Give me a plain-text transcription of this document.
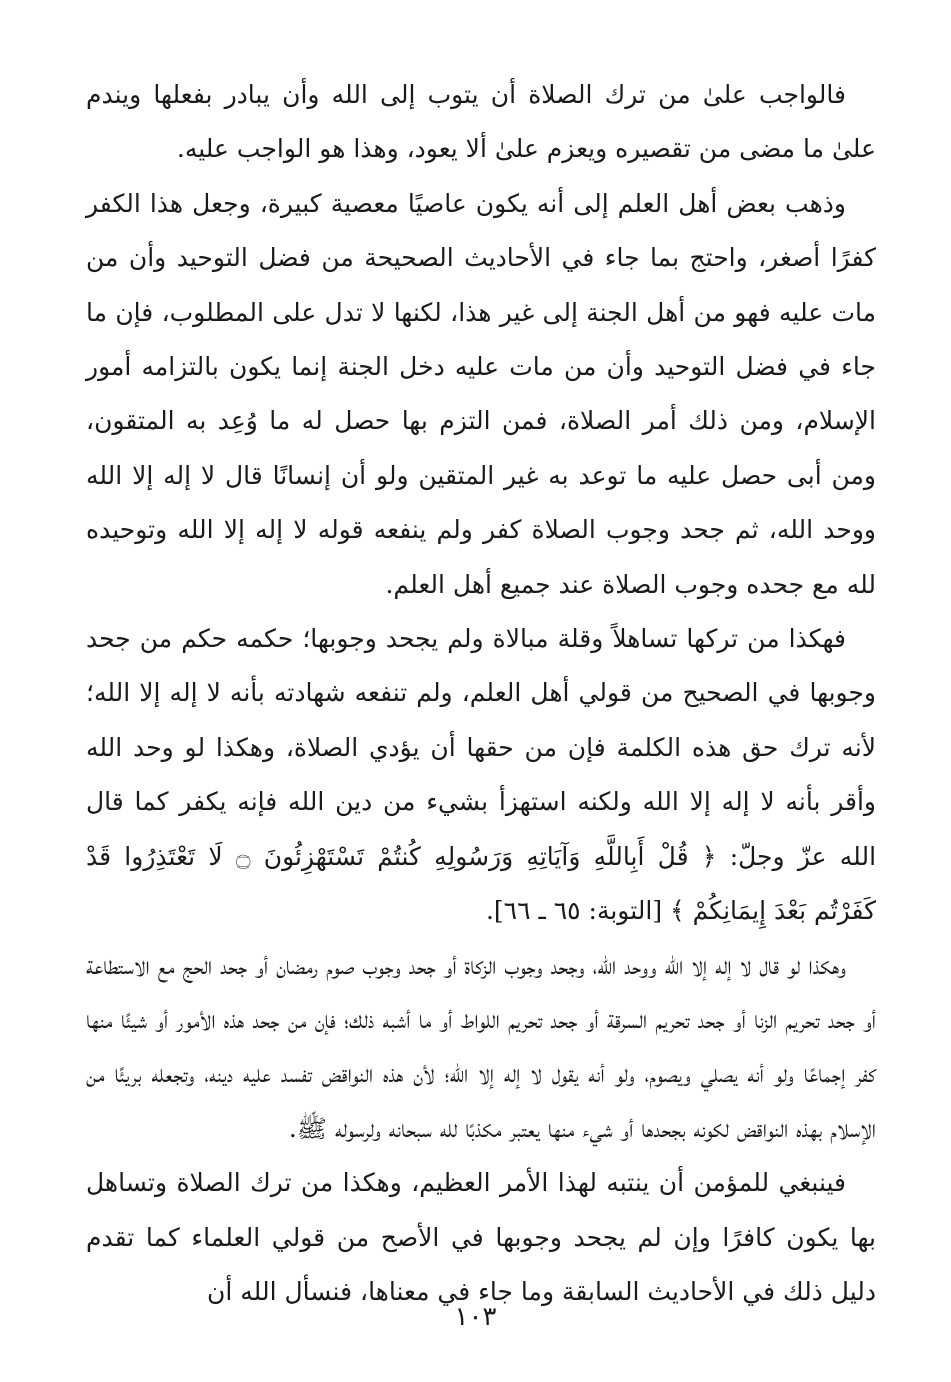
فالواجب علىٰ من ترك الصلاة أن يتوب إلى الله وأن يبادر بفعلها ويندم علىٰ ما مضى من تقصيره ويعزم علىٰ ألا يعود، وهذا هو الواجب عليه.

وذهب بعض أهل العلم إلى أنه يكون عاصيًا معصية كبيرة، وجعل هذا الكفر كفرًا أصغر، واحتج بما جاء في الأحاديث الصحيحة من فضل التوحيد وأن من مات عليه فهو من أهل الجنة إلى غير هذا، لكنها لا تدل على المطلوب، فإن ما جاء في فضل التوحيد وأن من مات عليه دخل الجنة إنما يكون بالتزامه أمور الإسلام، ومن ذلك أمر الصلاة، فمن التزم بها حصل له ما وُعِد به المتقون، ومن أبى حصل عليه ما توعد به غير المتقين ولو أن إنسانًا قال لا إله إلا الله ووحد الله، ثم جحد وجوب الصلاة كفر ولم ينفعه قوله لا إله إلا الله وتوحيده لله مع جحده وجوب الصلاة عند جميع أهل العلم.

فهكذا من تركها تساهلاً وقلة مبالاة ولم يجحد وجوبها؛ حكمه حكم من جحد وجوبها في الصحيح من قولي أهل العلم، ولم تنفعه شهادته بأنه لا إله إلا الله؛ لأنه ترك حق هذه الكلمة فإن من حقها أن يؤدي الصلاة، وهكذا لو وحد الله وأقر بأنه لا إله إلا الله ولكنه استهزأ بشيء من دين الله فإنه يكفر كما قال الله عزّ وجلّ: ﴿ قُلْ أَبِاللَّهِ وَآيَاتِهِ وَرَسُولِهِ كُنتُمْ تَسْتَهْزِئُونَ ۝ لَا تَعْتَذِرُوا قَدْ كَفَرْتُم بَعْدَ إِيمَانِكُمْ ﴾ [التوبة: ٦٥ ـ ٦٦].

وهكذا لو قال لا إله إلا الله ووحد الله، وجحد وجوب الزكاة أو جحد وجوب صوم رمضان أو جحد الحج مع الاستطاعة أو جحد تحريم الزنا أو جحد تحريم السرقة أو جحد تحريم اللواط أو ما أشبه ذلك؛ فإن من جحد هذه الأمور أو شيئًا منها كفر إجماعًا ولو أنه يصلي ويصوم، ولو أنه يقول لا إله إلا الله؛ لأن هذه النواقض تفسد عليه دينه، وتجعله بريئًا من الإسلام بهذه النواقض لكونه بجحدها أو شيء منها يعتبر مكذبًا لله سبحانه ولرسوله ﷺ.

فينبغي للمؤمن أن ينتبه لهذا الأمر العظيم، وهكذا من ترك الصلاة وتساهل بها يكون كافرًا وإن لم يجحد وجوبها في الأصح من قولي العلماء كما تقدم دليل ذلك في الأحاديث السابقة وما جاء في معناها، فنسأل الله أن

١٠٣
